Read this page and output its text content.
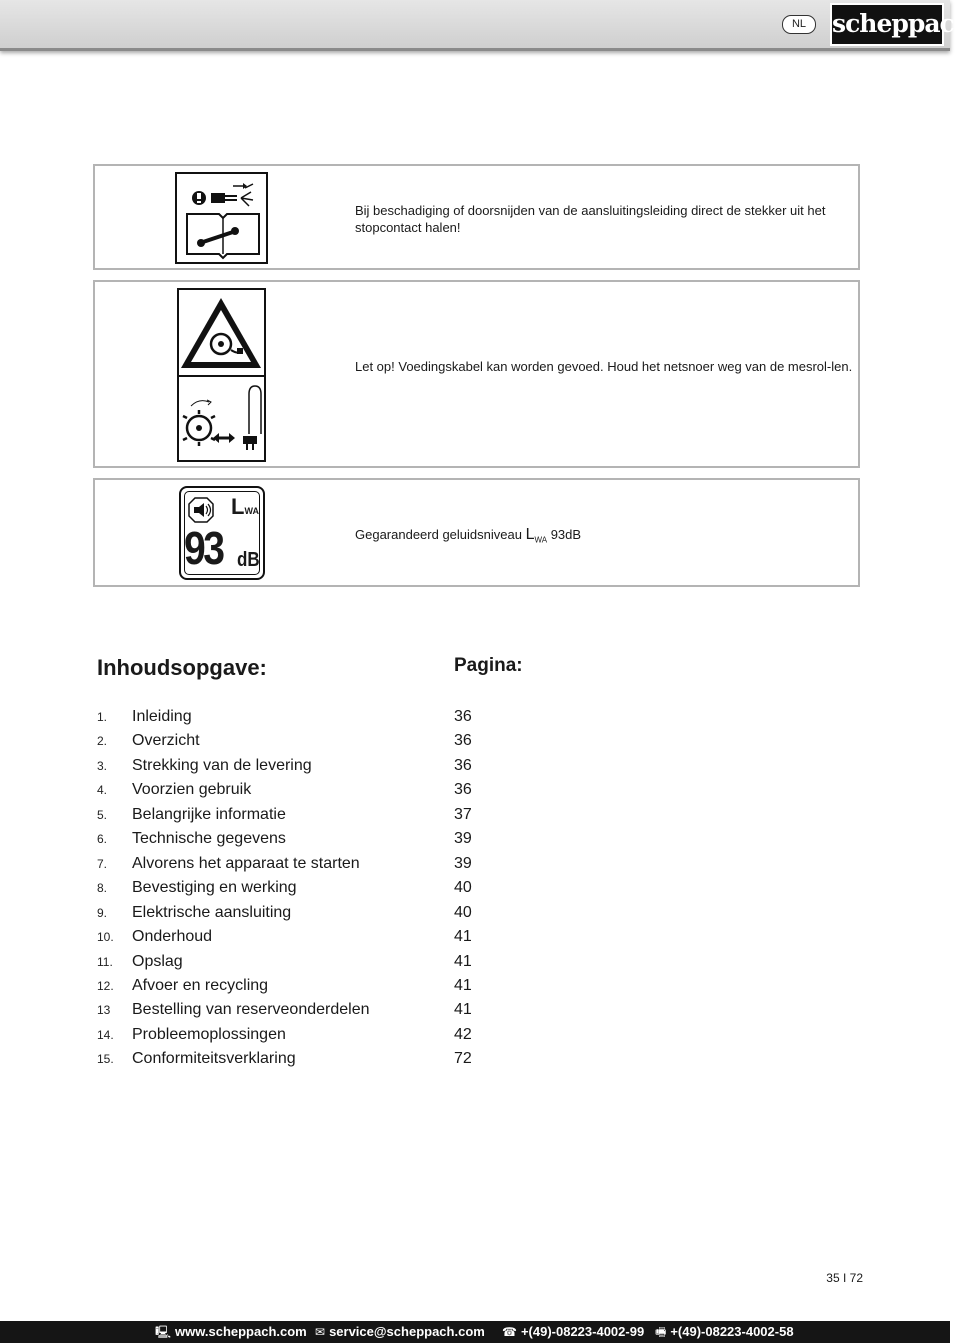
NL	scheppach
Bij beschadiging of doorsnijden van de aansluitingsleiding direct de stekker uit het stopcontact halen!
Let op! Voedingskabel kan worden gevoed. Houd het netsnoer weg van de mesrol-len.
LWA
93 dB
Gegarandeerd geluidsniveau $L_{WA}$ 93dB
Inhoudsopgave:	Pagina:
1. Inleiding	36
2. Overzicht	36
3. Strekking van de levering	36
4. Voorzien gebruik	36
5. Belangrijke informatie	37
6. Technische gegevens	39
7. Alvorens het apparaat te starten	39
8. Bevestiging en werking	40
9. Elektrische aansluiting	40
10. Onderhoud	41
11. Opslag	41
12. Afvoer en recycling	41
13 Bestelling van reserveonderdelen	41
14. Probleemoplossingen	42
15. Conformiteitsverklaring	72
35 I 72
🖳 www.scheppach.com ✉ service@scheppach.com ☎ +(49)-08223-4002-99 🖷 +(49)-08223-4002-58
